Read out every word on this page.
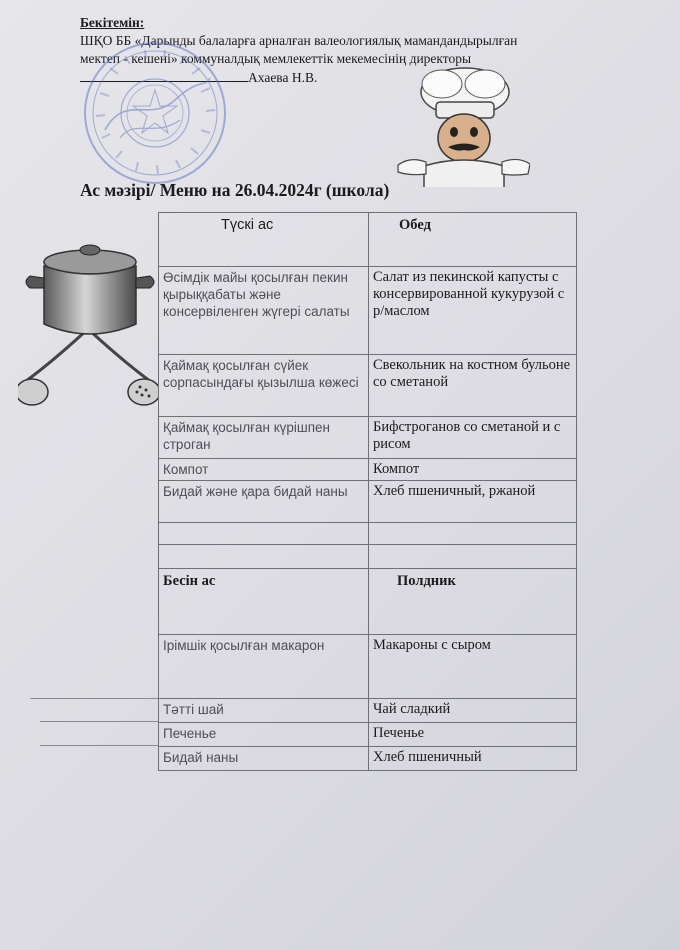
Бекітемін:
ШҚО ББ «Дарынды балаларға арналған валеологиялық мамандандырылған
мектеп - кешені» коммуналдық мемлекеттік мекемесінің директоры
Ахаева Н.В.
Ас мәзірі/ Меню на 26.04.2024г (школа)
Түскі ас	Обед
Өсімдік майы қосылған пекин қырыққабаты және консервіленген жүгері салаты	Салат из пекинской капусты с консервированной кукурузой с р/маслом
Қаймақ қосылған сүйек сорпасындағы қызылша көжесі	Свекольник на костном бульоне со сметаной
Қаймақ қосылған күрішпен строган	Бифстроганов со сметаной и с рисом
Компот	Компот
Бидай және қара бидай наны	Хлеб пшеничный, ржаной

Бесін ас	Полдник
Ірімшік қосылған макарон	Макароны с сыром
Тәтті шай	Чай сладкий
Печенье	Печенье
Бидай наны	Хлеб пшеничный
